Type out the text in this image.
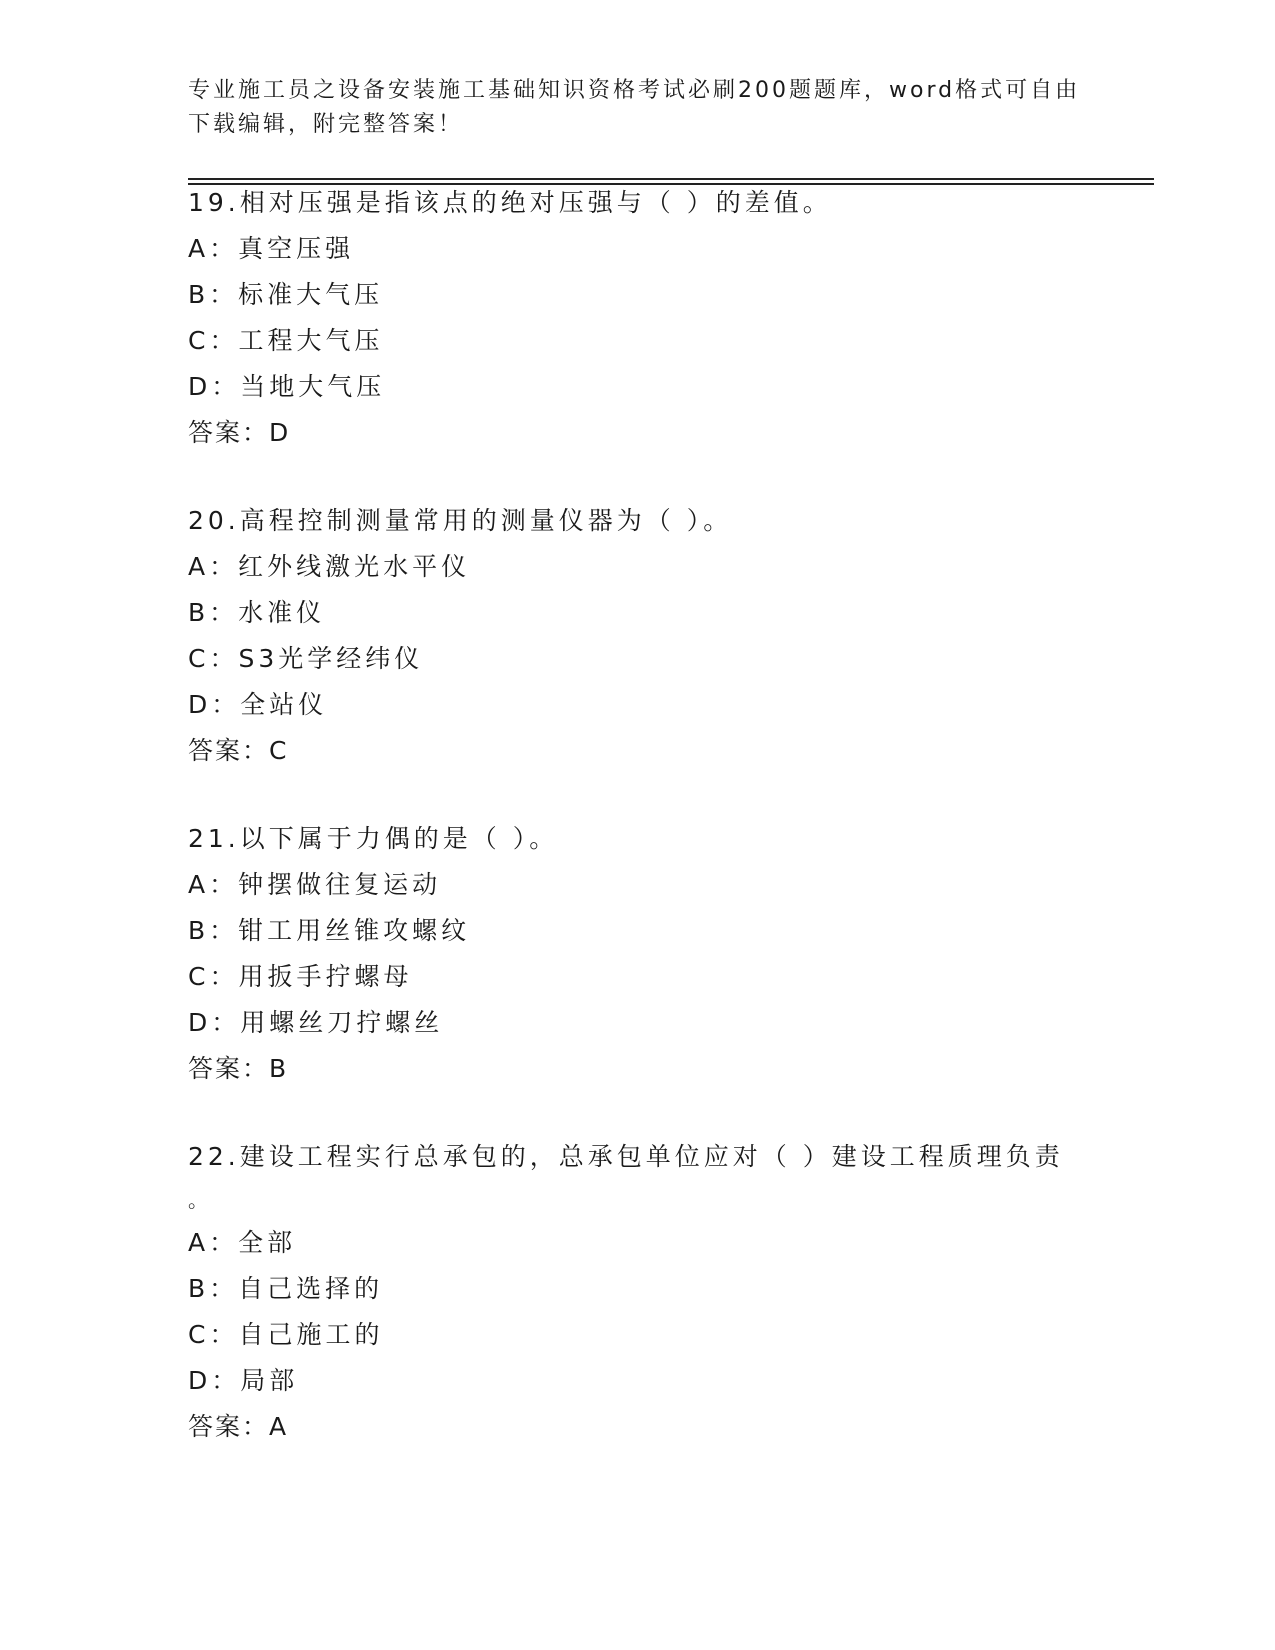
专业施工员之设备安装施工基础知识资格考试必刷200题题库，word格式可自由
下载编辑，附完整答案！
19.相对压强是指该点的绝对压强与（ ）的差值。
A：真空压强
B：标准大气压
C：工程大气压
D：当地大气压
答案：D
20.高程控制测量常用的测量仪器为（ ）。
A：红外线激光水平仪
B：水准仪
C：S3光学经纬仪
D：全站仪
答案：C
21.以下属于力偶的是（ ）。
A：钟摆做往复运动
B：钳工用丝锥攻螺纹
C：用扳手拧螺母
D：用螺丝刀拧螺丝
答案：B
22.建设工程实行总承包的，总承包单位应对（ ）建设工程质理负责
。
A：全部
B：自己选择的
C：自己施工的
D：局部
答案：A
